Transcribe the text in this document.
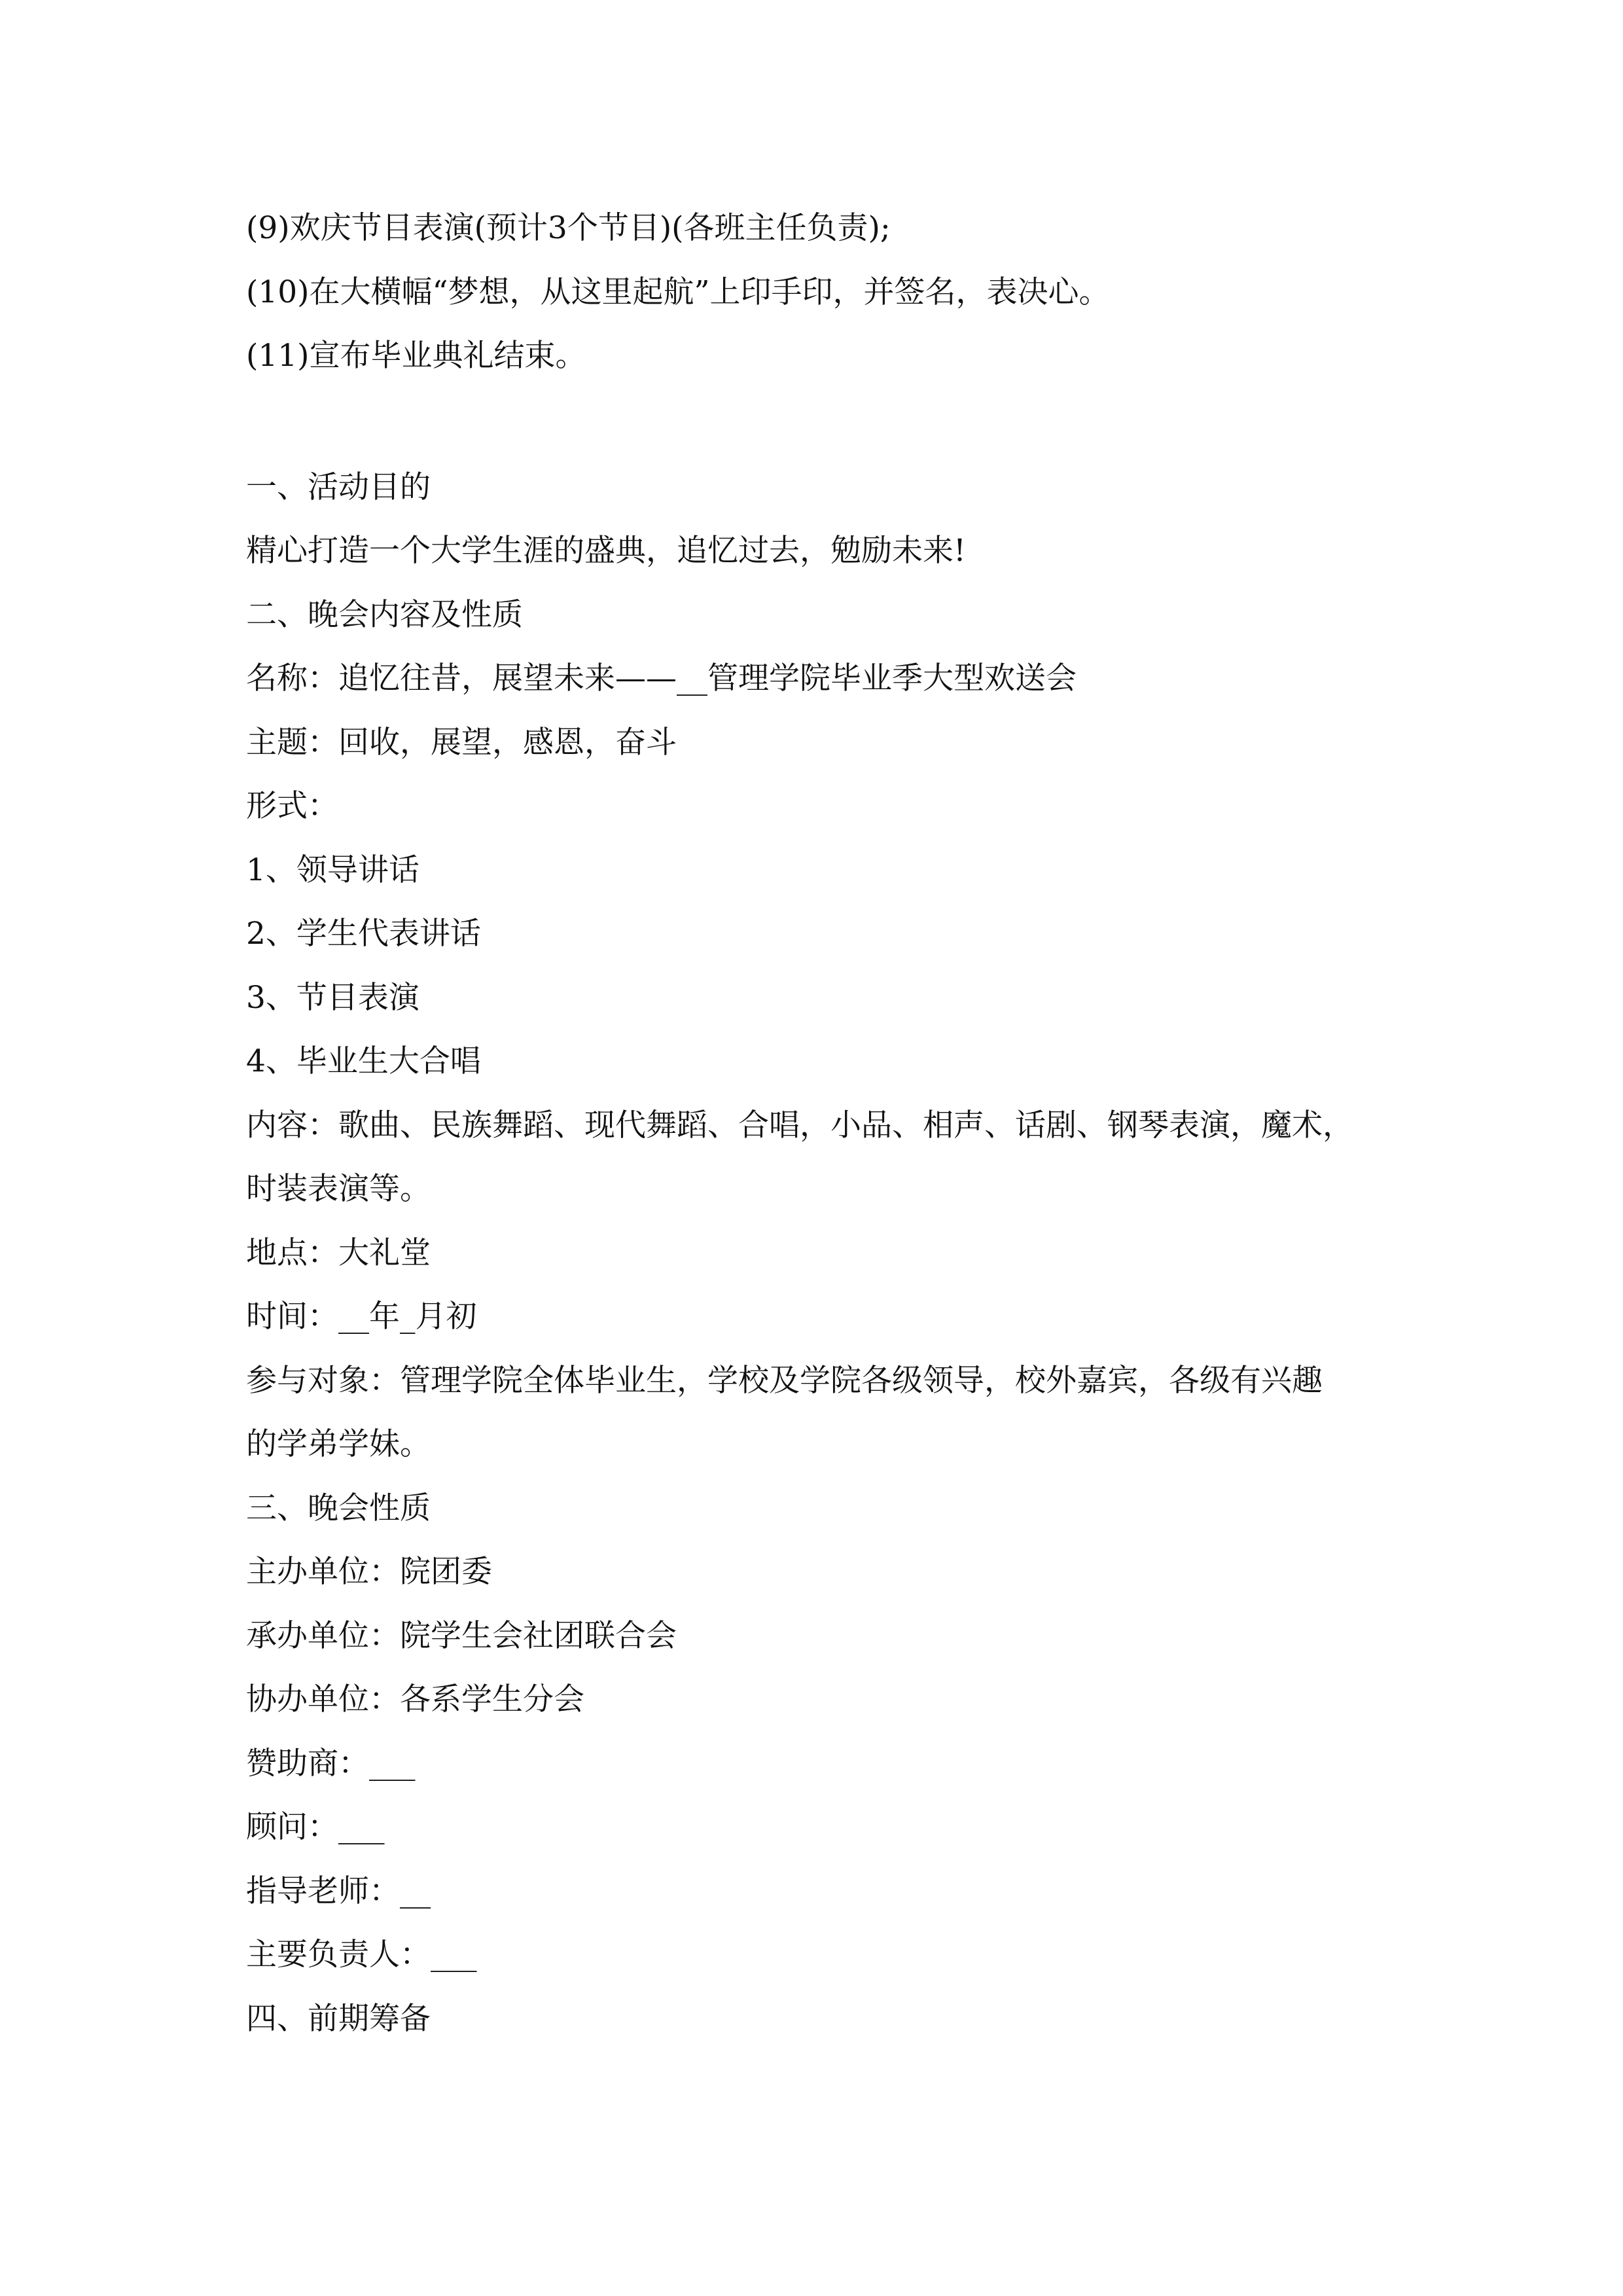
(9)欢庆节目表演(预计3个节目)(各班主任负责);

(10)在大横幅“梦想，从这里起航”上印手印，并签名，表决心。

(11)宣布毕业典礼结束。

一、活动目的

精心打造一个大学生涯的盛典，追忆过去，勉励未来!

二、晚会内容及性质

名称：追忆往昔，展望未来——__管理学院毕业季大型欢送会

主题：回收，展望，感恩，奋斗

形式：

1、领导讲话

2、学生代表讲话

3、节目表演

4、毕业生大合唱

内容：歌曲、民族舞蹈、现代舞蹈、合唱，小品、相声、话剧、钢琴表演，魔术，

时装表演等。

地点：大礼堂

时间：__年_月初

参与对象：管理学院全体毕业生，学校及学院各级领导，校外嘉宾，各级有兴趣

的学弟学妹。

三、晚会性质

主办单位：院团委

承办单位：院学生会社团联合会

协办单位：各系学生分会

赞助商：___

顾问：___

指导老师：__

主要负责人：___

四、前期筹备
